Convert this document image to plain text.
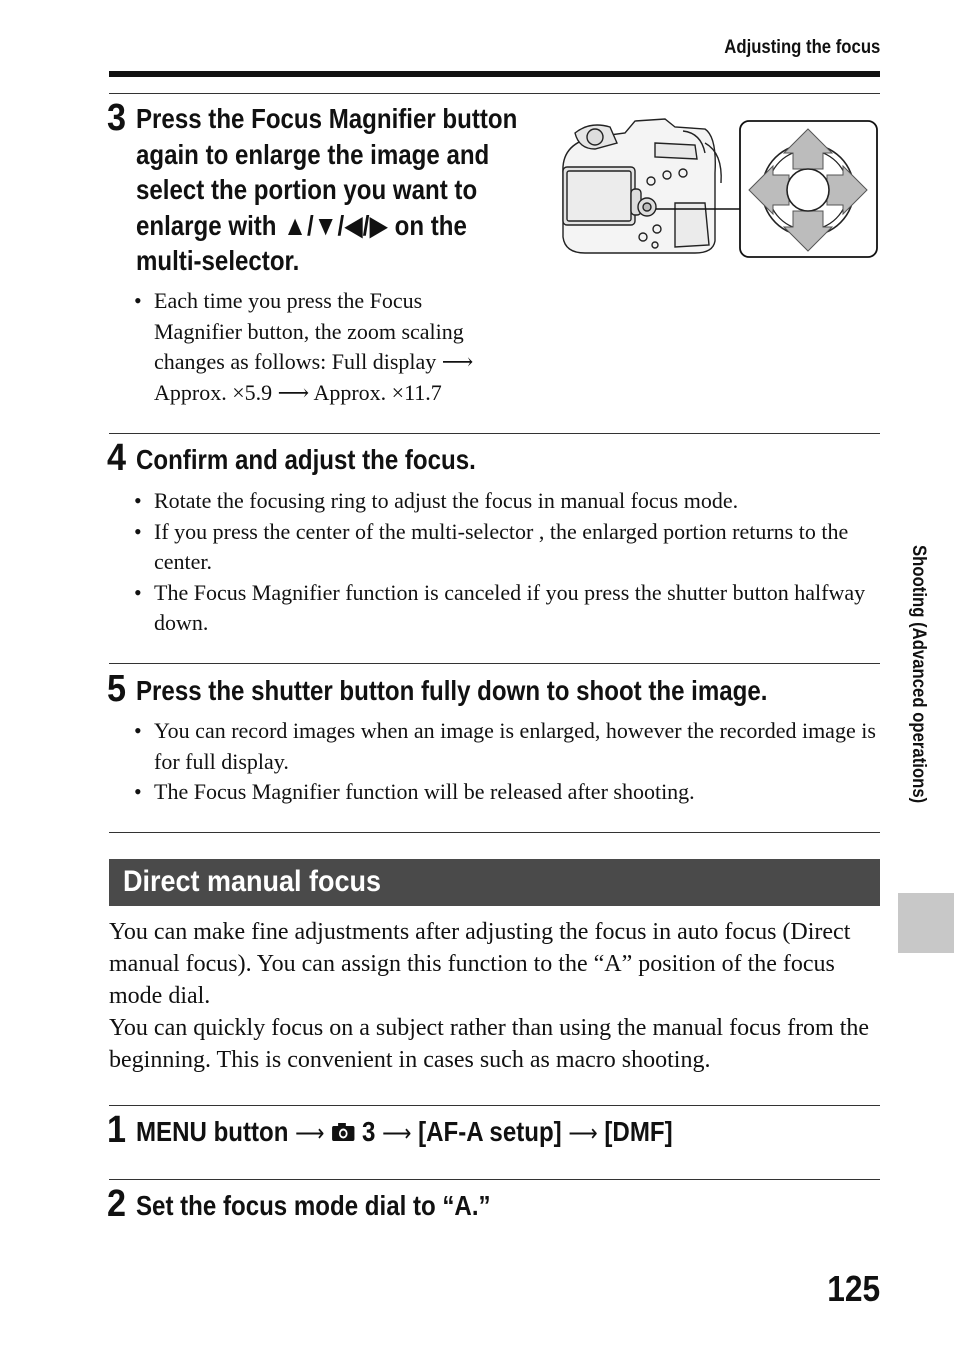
Adjusting the focus
3 Press the Focus Magnifier button
again to enlarge the image and
select the portion you want to
enlarge with ▲/▼/◀/▶ on the
multi-selector.
• Each time you press the Focus
Magnifier button, the zoom scaling
changes as follows: Full display ⟶
Approx. ×5.9 ⟶ Approx. ×11.7
4 Confirm and adjust the focus.
• Rotate the focusing ring to adjust the focus in manual focus mode.
• If you press the center of the multi-selector , the enlarged portion returns to the center.
• The Focus Magnifier function is canceled if you press the shutter button halfway down.
5 Press the shutter button fully down to shoot the image.
• You can record images when an image is enlarged, however the recorded image is for full display.
• The Focus Magnifier function will be released after shooting.
Direct manual focus

You can make fine adjustments after adjusting the focus in auto focus (Direct manual focus). You can assign this function to the “A” position of the focus mode dial.

You can quickly focus on a subject rather than using the manual focus from the beginning. This is convenient in cases such as macro shooting.

1 MENU button ⟶ 3 ⟶ [AF-A setup] ⟶ [DMF]
2 Set the focus mode dial to “A.”
Shooting (Advanced operations)
125
